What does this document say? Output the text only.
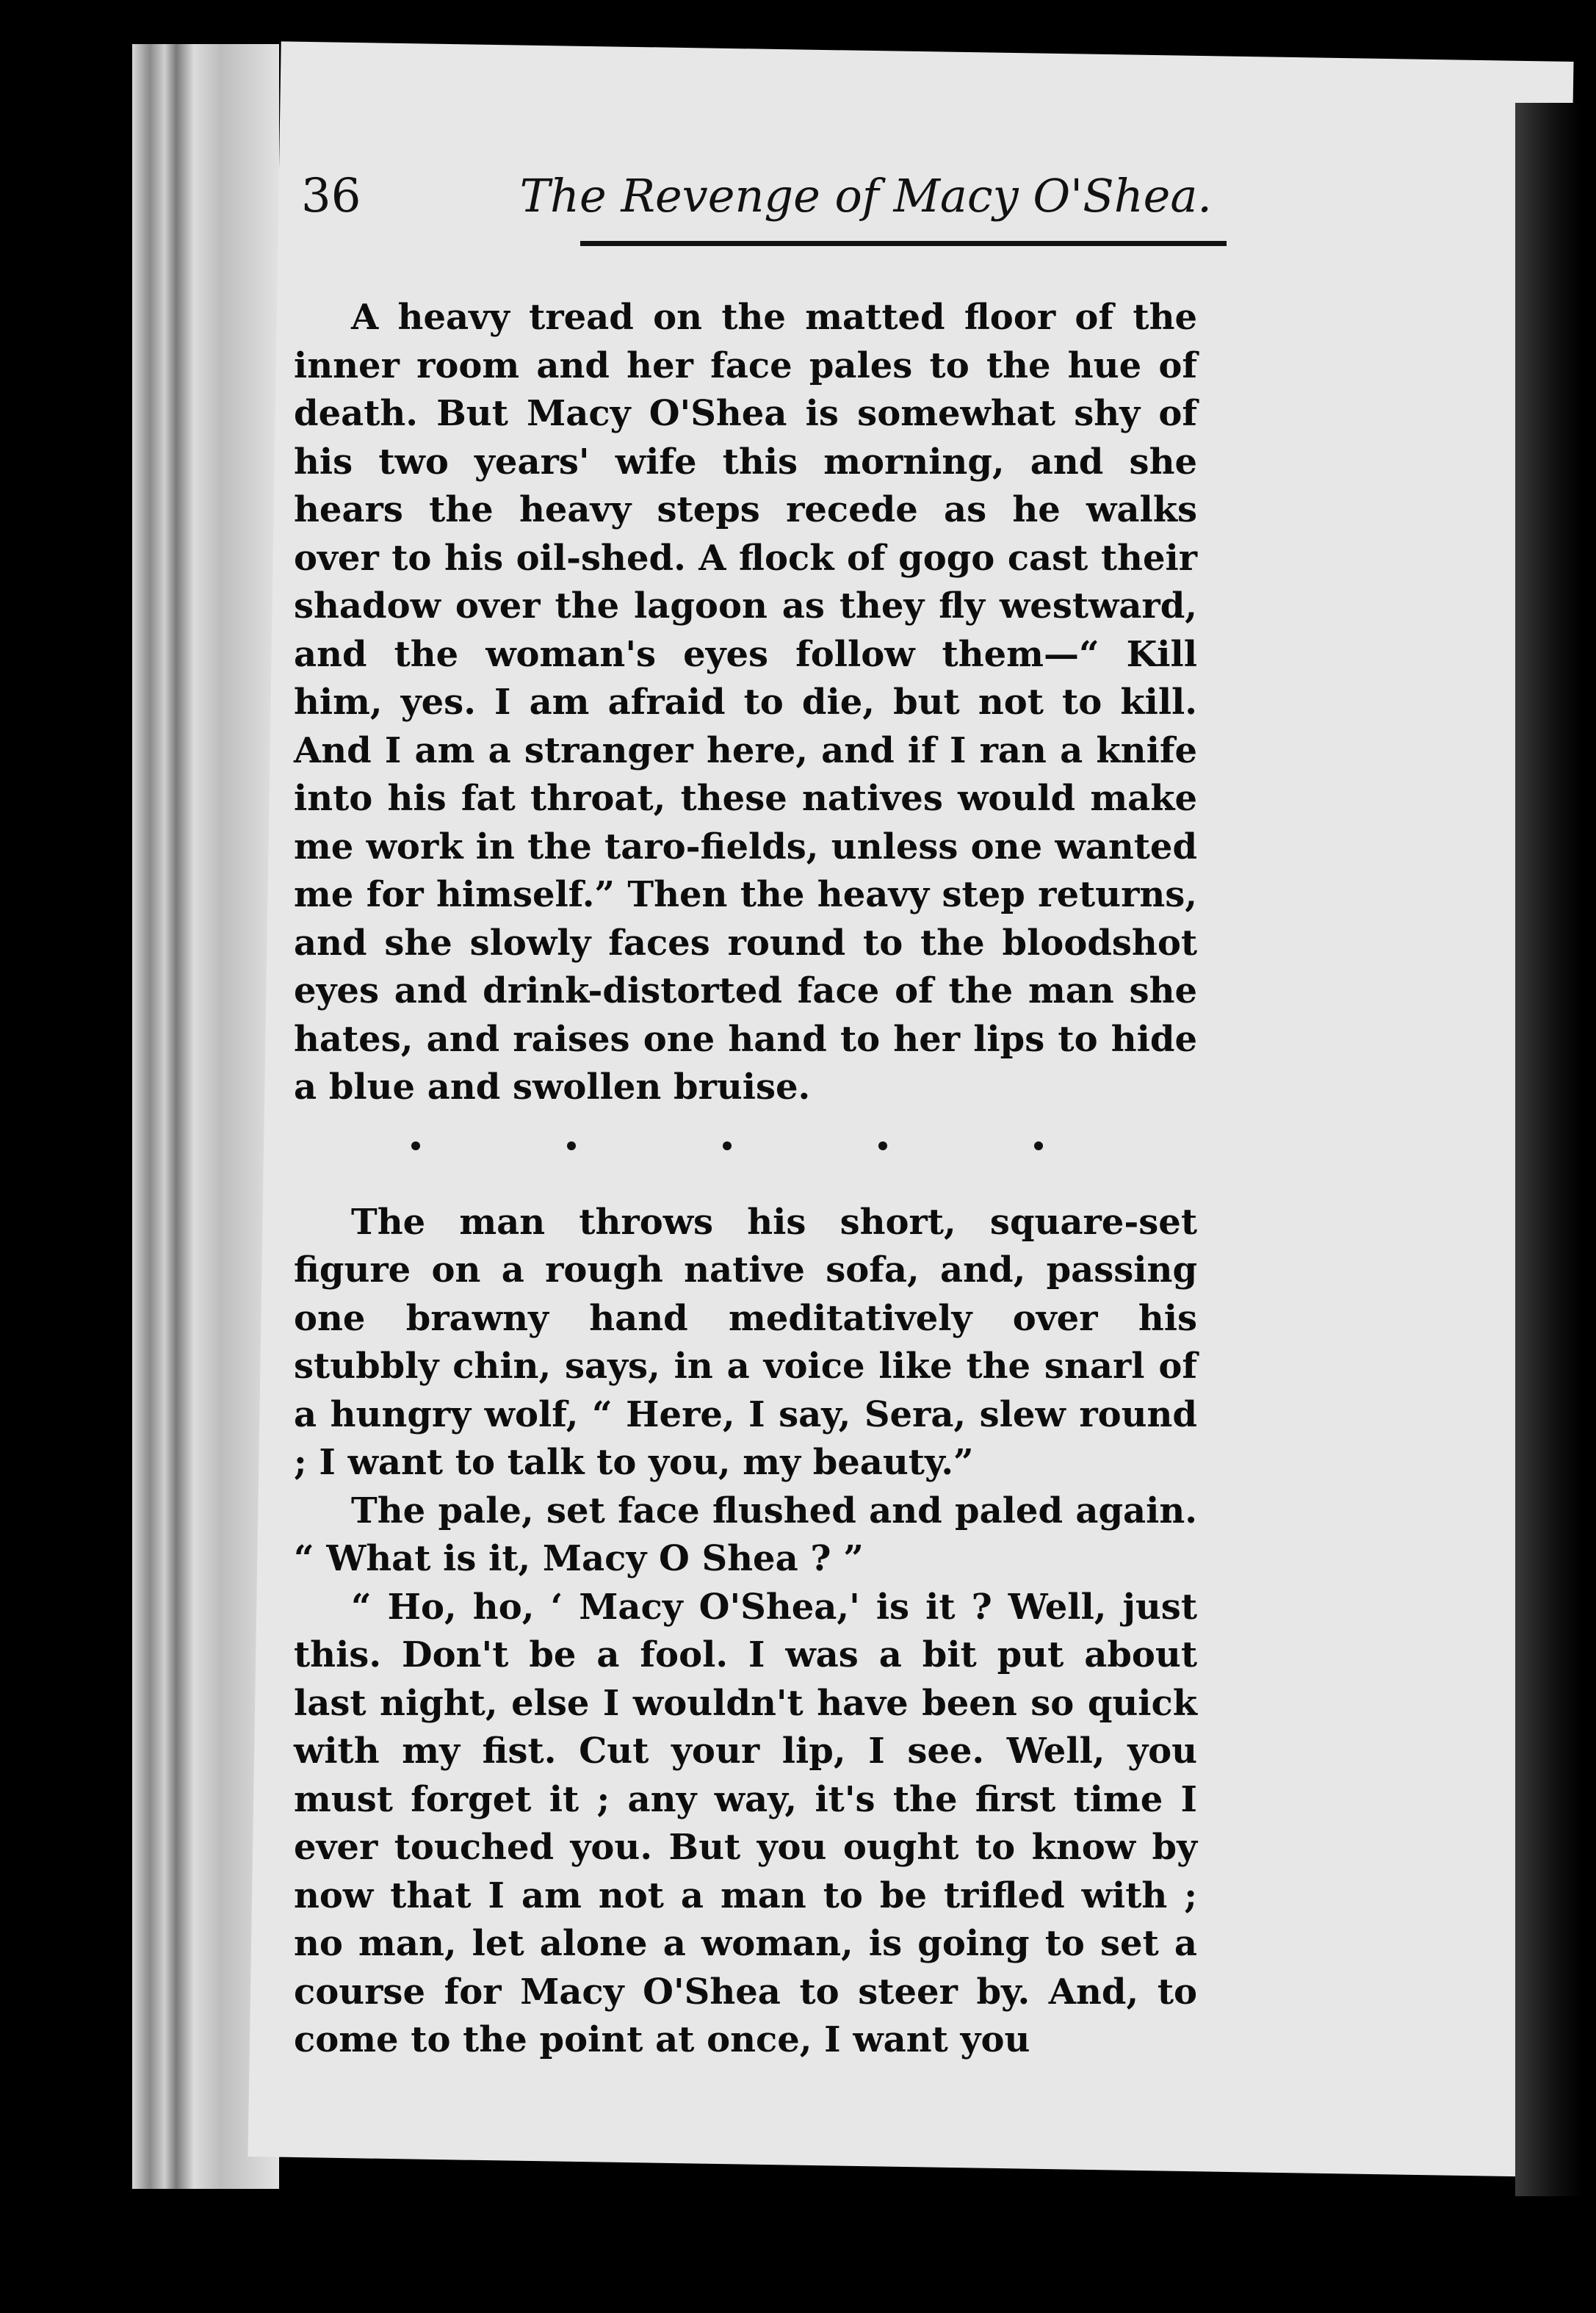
36	The Revenge of Macy O'Shea.

A heavy tread on the matted floor of the inner room and her face pales to the hue of death. But Macy O'Shea is somewhat shy of his two years' wife this morning, and she hears the heavy steps recede as he walks over to his oil-shed. A flock of gogo cast their shadow over the lagoon as they fly westward, and the woman's eyes follow them—“ Kill him, yes. I am afraid to die, but not to kill. And I am a stranger here, and if I ran a knife into his fat throat, these natives would make me work in the taro-fields, unless one wanted me for himself.” Then the heavy step returns, and she slowly faces round to the bloodshot eyes and drink-distorted face of the man she hates, and raises one hand to her lips to hide a blue and swollen bruise.

The man throws his short, square-set figure on a rough native sofa, and, passing one brawny hand meditatively over his stubbly chin, says, in a voice like the snarl of a hungry wolf, “ Here, I say, Sera, slew round ; I want to talk to you, my beauty.”

The pale, set face flushed and paled again. “ What is it, Macy O Shea ? ”

“ Ho, ho, ‘ Macy O'Shea,' is it ? Well, just this. Don't be a fool. I was a bit put about last night, else I wouldn't have been so quick with my fist. Cut your lip, I see. Well, you must forget it ; any way, it's the first time I ever touched you. But you ought to know by now that I am not a man to be trifled with ; no man, let alone a woman, is going to set a course for Macy O'Shea to steer by. And, to come to the point at once, I want you
